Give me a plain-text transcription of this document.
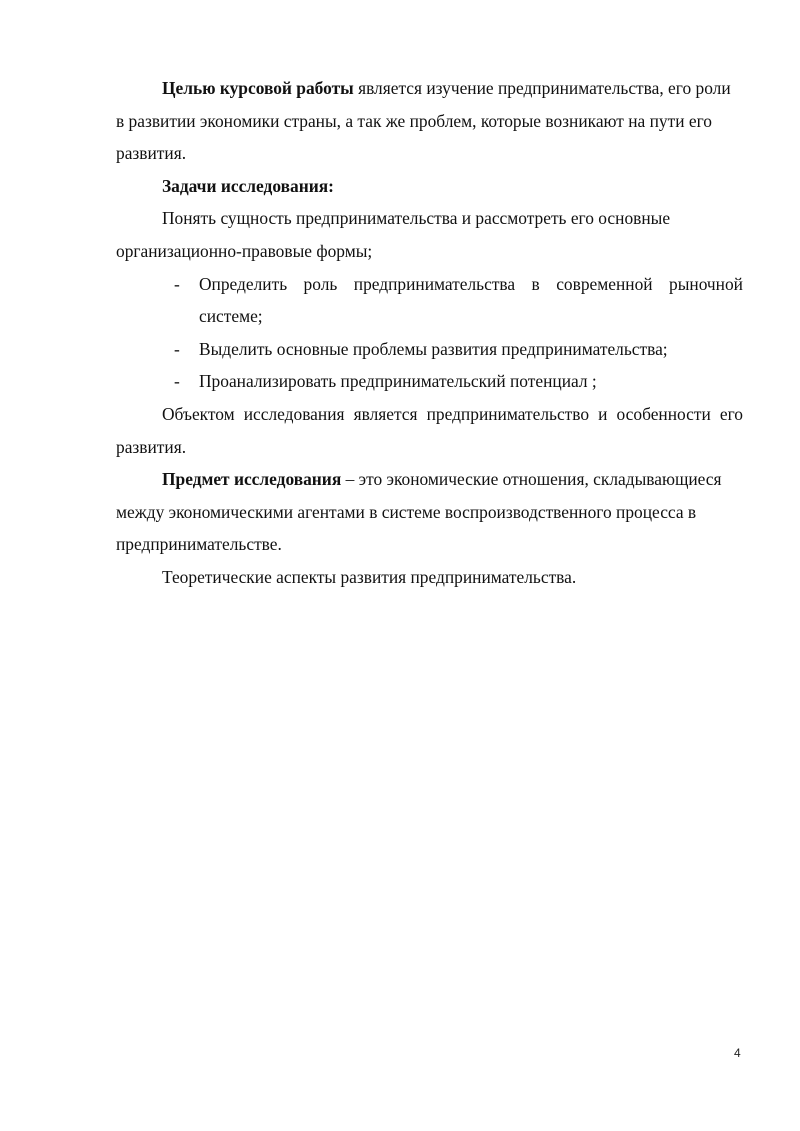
Целью курсовой работы является изучение предпринимательства, его роли в развитии экономики страны, а так же проблем, которые возникают на пути его развития.

Задачи исследования:

Понять сущность предпринимательства и рассмотреть его основные организационно-правовые формы;

- Определить роль предпринимательства в современной рыночной системе;
- Выделить основные проблемы развития предпринимательства;
- Проанализировать предпринимательский потенциал ;

Объектом исследования является предпринимательство и особенности его развития.

Предмет исследования – это экономические отношения, складывающиеся между экономическими агентами в системе воспроизводственного процесса в предпринимательстве.

Теоретические аспекты развития предпринимательства.

4
